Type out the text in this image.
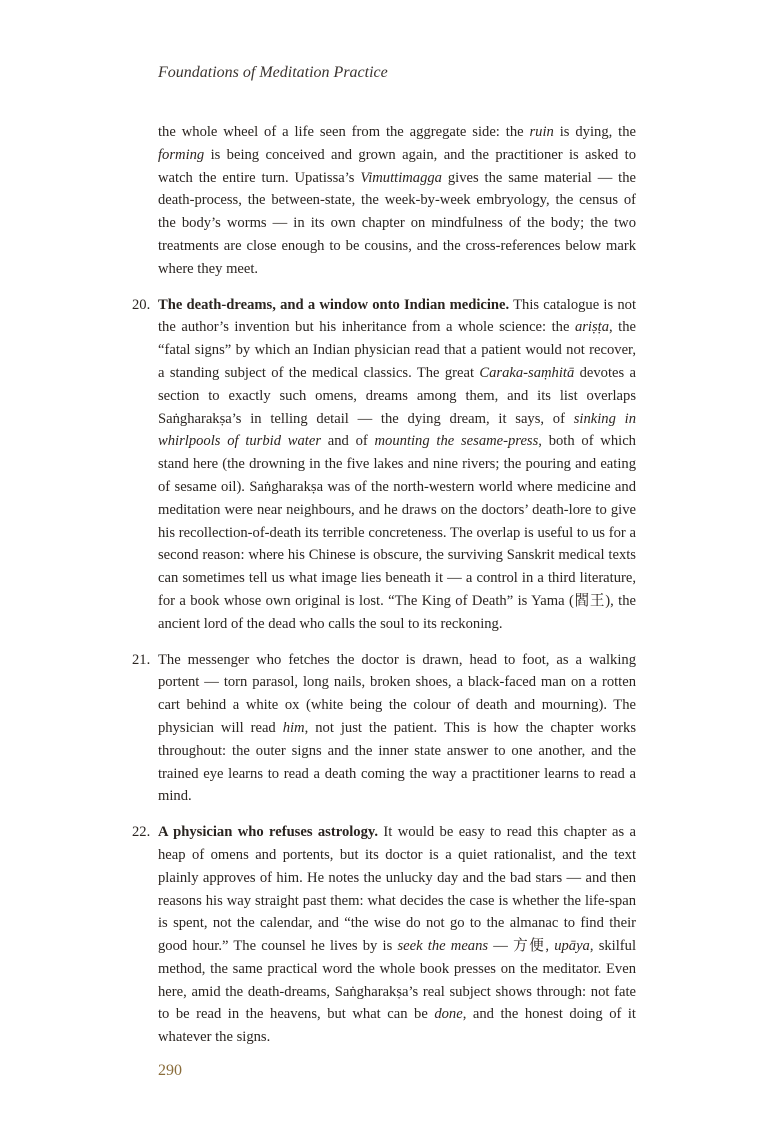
Foundations of Meditation Practice

the whole wheel of a life seen from the aggregate side: the ruin is dying, the forming is being conceived and grown again, and the practitioner is asked to watch the entire turn. Upatissa’s Vimuttimagga gives the same material — the death-process, the between-state, the week-by-week embryology, the census of the body’s worms — in its own chapter on mindfulness of the body; the two treatments are close enough to be cousins, and the cross-references below mark where they meet.

20. The death-dreams, and a window onto Indian medicine. This catalogue is not the author’s invention but his inheritance from a whole science: the ariṣṭa, the “fatal signs” by which an Indian physician read that a patient would not recover, a standing subject of the medical classics. The great Caraka-saṃhitā devotes a section to exactly such omens, dreams among them, and its list overlaps Saṅgharakṣa’s in telling detail — the dying dream, it says, of sinking in whirlpools of turbid water and of mounting the sesame-press, both of which stand here (the drowning in the five lakes and nine rivers; the pouring and eating of sesame oil). Saṅgharakṣa was of the north-western world where medicine and meditation were near neighbours, and he draws on the doctors’ death-lore to give his recollection-of-death its terrible concreteness. The overlap is useful to us for a second reason: where his Chinese is obscure, the surviving Sanskrit medical texts can sometimes tell us what image lies beneath it — a control in a third literature, for a book whose own original is lost. “The King of Death” is Yama (閻王), the ancient lord of the dead who calls the soul to its reckoning.
21. The messenger who fetches the doctor is drawn, head to foot, as a walking portent — torn parasol, long nails, broken shoes, a black-faced man on a rotten cart behind a white ox (white being the colour of death and mourning). The physician will read him, not just the patient. This is how the chapter works throughout: the outer signs and the inner state answer to one another, and the trained eye learns to read a death coming the way a practitioner learns to read a mind.
22. A physician who refuses astrology. It would be easy to read this chapter as a heap of omens and portents, but its doctor is a quiet rationalist, and the text plainly approves of him. He notes the unlucky day and the bad stars — and then reasons his way straight past them: what decides the case is whether the life-span is spent, not the calendar, and “the wise do not go to the almanac to find their good hour.” The counsel he lives by is seek the means — 方便, upāya, skilful method, the same practical word the whole book presses on the meditator. Even here, amid the death-dreams, Saṅgharakṣa’s real subject shows through: not fate to be read in the heavens, but what can be done, and the honest doing of it whatever the signs.
290
